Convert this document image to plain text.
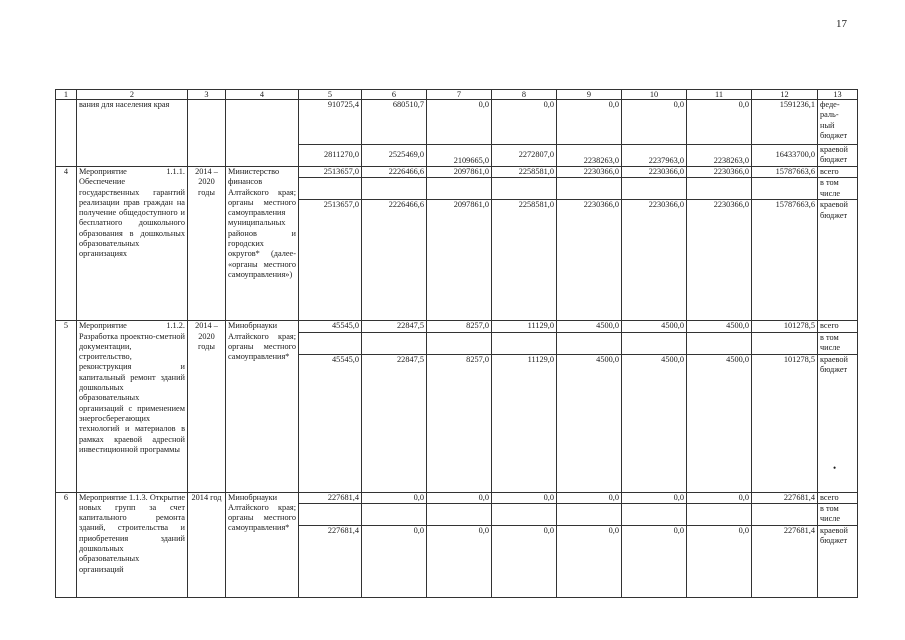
17
1	2	3	4	5	6	7	8	9	10	11	12	13
	вания для населения края			910725,4	680510,7	0,0	0,0	0,0	0,0	0,0	1591236,1	феде-
раль-
ный
бюджет
				2811270,0	2525469,0	2109665,0	2272807,0	2238263,0	2237963,0	2238263,0	16433700,0	краевой
бюджет
4	Мероприятие 1.1.1. Обеспечение государственных гарантий реализации прав граждан на получение общедоступного и бесплатного дошкольного образования в дошкольных образовательных организациях	2014 – 2020 годы	Министерство финансов Алтайского края; органы местного самоуправления муниципальных районов и городских округов* (далее- «органы местного самоуправления»)	2513657,0	2226466,6	2097861,0	2258581,0	2230366,0	2230366,0	2230366,0	15787663,6	всего
												в том числе
				2513657,0	2226466,6	2097861,0	2258581,0	2230366,0	2230366,0	2230366,0	15787663,6	краевой бюджет
5	Мероприятие 1.1.2. Разработка проектно-сметной документации, строительство, реконструкция и капитальный ремонт зданий дошкольных образовательных организаций с применением энергосберегающих технологий и материалов в рамках краевой адресной инвестиционной программы	2014 – 2020 годы	Минобрнауки Алтайского края; органы местного самоуправления*	45545,0	22847,5	8257,0	11129,0	4500,0	4500,0	4500,0	101278,5	всего
												в том числе
				45545,0	22847,5	8257,0	11129,0	4500,0	4500,0	4500,0	101278,5	краевой бюджет
6	Мероприятие 1.1.3. Открытие новых групп за счет капитального ремонта зданий, строительства и приобретения зданий дошкольных образовательных организаций	2014 год	Минобрнауки Алтайского края; органы местного самоуправления*	227681,4	0,0	0,0	0,0	0,0	0,0	0,0	227681,4	всего
												в том числе
				227681,4	0,0	0,0	0,0	0,0	0,0	0,0	227681,4	краевой бюджет
•
